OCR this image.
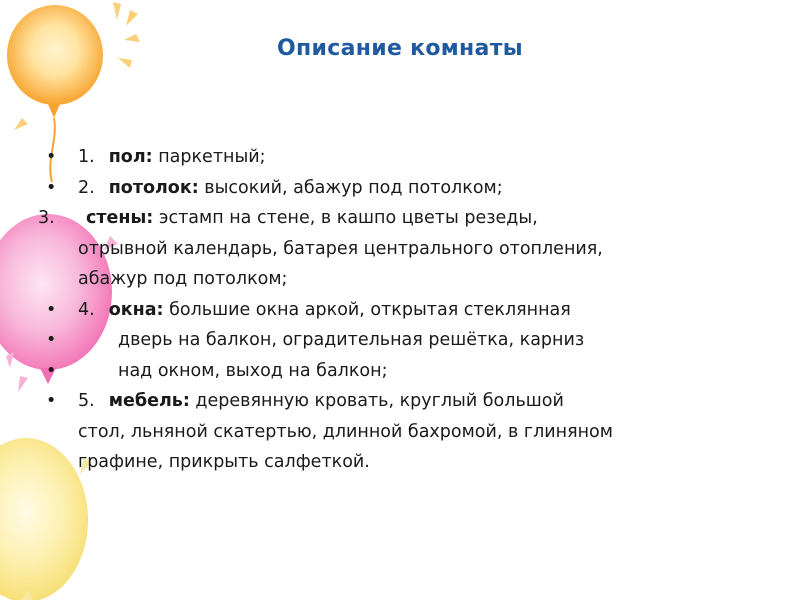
Описание комнаты
• 1. пол: паркетный;
• 2. потолок: высокий, абажур под потолком;
3. стены: эстамп на стене, в кашпо цветы резеды,
отрывной календарь, батарея центрального отопления,
абажур под потолком;
• 4. окна: большие окна аркой, открытая стеклянная
•	дверь на балкон, оградительная решётка, карниз
•	над окном, выход на балкон;
• 5. мебель: деревянную кровать, круглый большой
стол, льняной скатертью, длинной бахромой, в глиняном
графине, прикрыть салфеткой.
